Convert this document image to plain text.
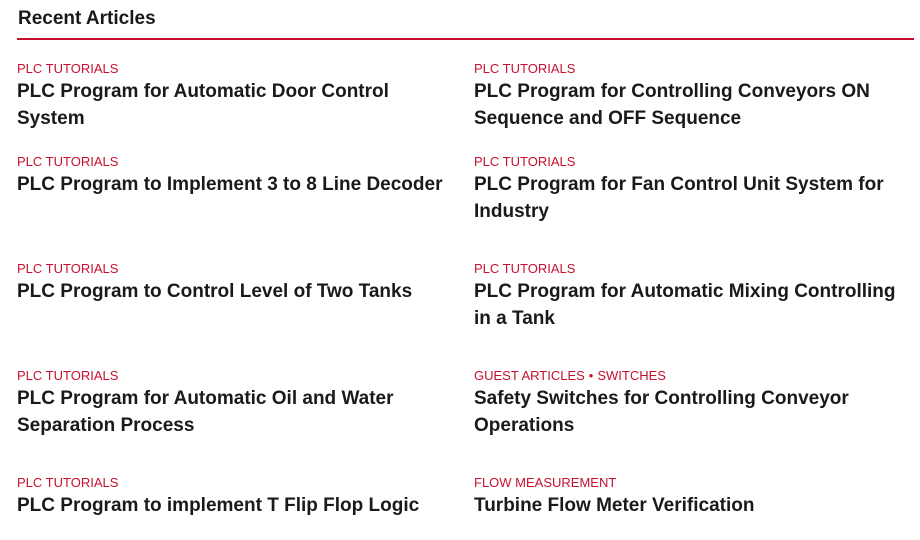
Recent Articles
PLC TUTORIALS
PLC Program for Automatic Door Control System
PLC TUTORIALS
PLC Program for Controlling Conveyors ON Sequence and OFF Sequence
PLC TUTORIALS
PLC Program to Implement 3 to 8 Line Decoder
PLC TUTORIALS
PLC Program for Fan Control Unit System for Industry
PLC TUTORIALS
PLC Program to Control Level of Two Tanks
PLC TUTORIALS
PLC Program for Automatic Mixing Controlling in a Tank
PLC TUTORIALS
PLC Program for Automatic Oil and Water Separation Process
GUEST ARTICLES • SWITCHES
Safety Switches for Controlling Conveyor Operations
PLC TUTORIALS
PLC Program to implement T Flip Flop Logic
FLOW MEASUREMENT
Turbine Flow Meter Verification
